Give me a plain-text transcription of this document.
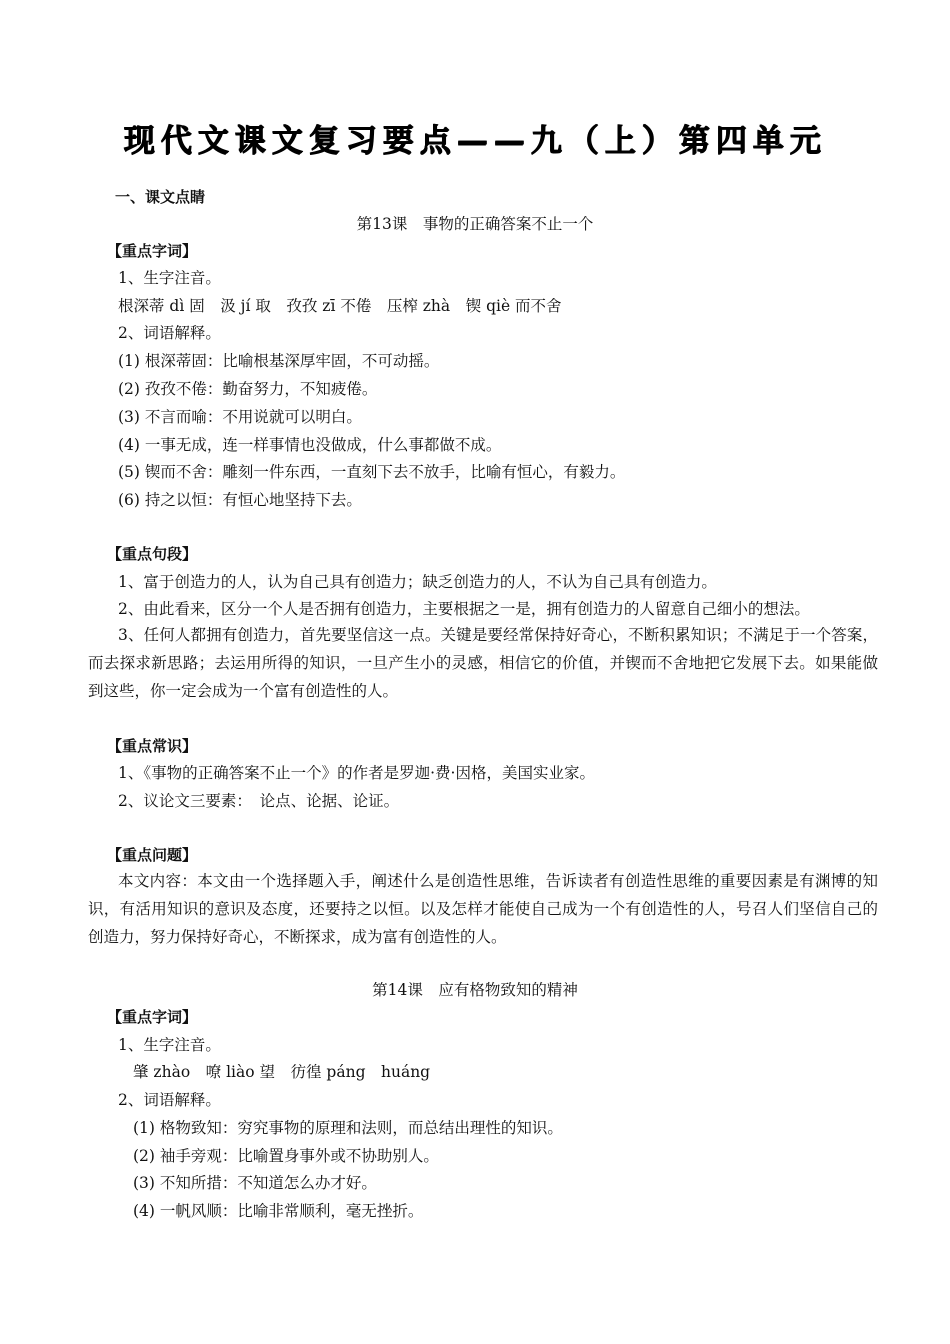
现代文课文复习要点——九（上）第四单元
一、课文点睛
第13课　事物的正确答案不止一个
【重点字词】
1、生字注音。
根深蒂 dì 固　汲 jí 取　孜孜 zī 不倦　压榨 zhà　锲 qiè 而不舍
2、词语解释。
(1) 根深蒂固：比喻根基深厚牢固，不可动摇。
(2) 孜孜不倦：勤奋努力，不知疲倦。
(3) 不言而喻：不用说就可以明白。
(4) 一事无成，连一样事情也没做成，什么事都做不成。
(5) 锲而不舍：雕刻一件东西，一直刻下去不放手，比喻有恒心，有毅力。
(6) 持之以恒：有恒心地坚持下去。
【重点句段】
1、富于创造力的人，认为自己具有创造力；缺乏创造力的人，不认为自己具有创造力。
2、由此看来，区分一个人是否拥有创造力，主要根据之一是，拥有创造力的人留意自己细小的想法。
3、任何人都拥有创造力，首先要坚信这一点。关键是要经常保持好奇心，不断积累知识；不满足于一个答案，而去探求新思路；去运用所得的知识，一旦产生小的灵感，相信它的价值，并锲而不舍地把它发展下去。如果能做到这些，你一定会成为一个富有创造性的人。
【重点常识】
1、《事物的正确答案不止一个》的作者是罗迦·费·因格，美国实业家。
2、议论文三要素：　论点、论据、论证。
【重点问题】
本文内容：本文由一个选择题入手，阐述什么是创造性思维，告诉读者有创造性思维的重要因素是有渊博的知识，有活用知识的意识及态度，还要持之以恒。以及怎样才能使自己成为一个有创造性的人，号召人们坚信自己的创造力，努力保持好奇心，不断探求，成为富有创造性的人。
第14课　应有格物致知的精神
【重点字词】
1、生字注音。
肇 zhào　嘹 liào 望　彷徨 páng　huáng
2、词语解释。
(1) 格物致知：穷究事物的原理和法则，而总结出理性的知识。
(2) 袖手旁观：比喻置身事外或不协助别人。
(3) 不知所措：不知道怎么办才好。
(4) 一帆风顺：比喻非常顺利，毫无挫折。
